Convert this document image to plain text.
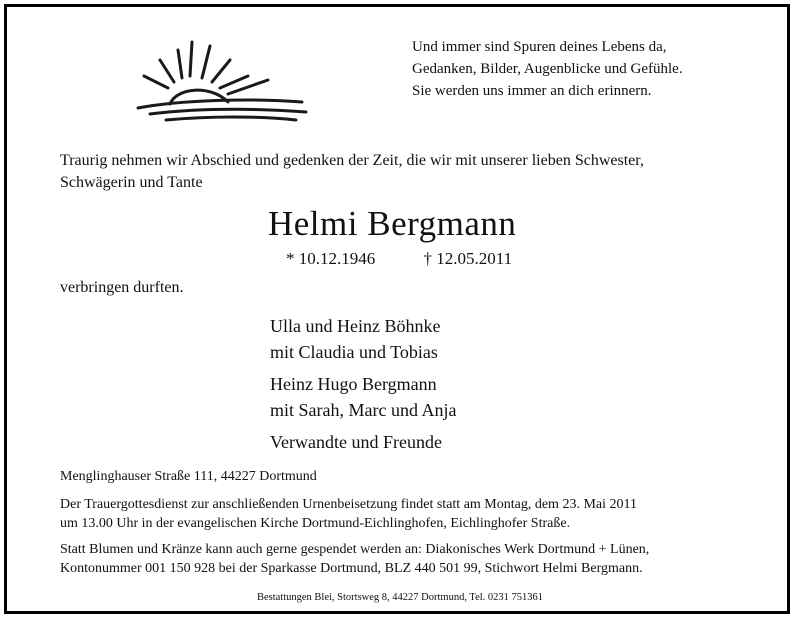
Und immer sind Spuren deines Lebens da,
Gedanken, Bilder, Augenblicke und Gefühle.
Sie werden uns immer an dich erinnern.
Traurig nehmen wir Abschied und gedenken der Zeit, die wir mit unserer lieben Schwester,
Schwägerin und Tante
Helmi Bergmann
* 10.12.1946	† 12.05.2011
verbringen durften.
Ulla und Heinz Böhnke
mit Claudia und Tobias
Heinz Hugo Bergmann
mit Sarah, Marc und Anja
Verwandte und Freunde
Menglinghauser Straße 111, 44227 Dortmund
Der Trauergottesdienst zur anschließenden Urnenbeisetzung findet statt am Montag, dem 23. Mai 2011
um 13.00 Uhr in der evangelischen Kirche Dortmund-Eichlinghofen, Eichlinghofer Straße.
Statt Blumen und Kränze kann auch gerne gespendet werden an: Diakonisches Werk Dortmund + Lünen,
Kontonummer 001 150 928 bei der Sparkasse Dortmund, BLZ 440 501 99, Stichwort Helmi Bergmann.
Bestattungen Blei, Stortsweg 8, 44227 Dortmund, Tel. 0231 751361
